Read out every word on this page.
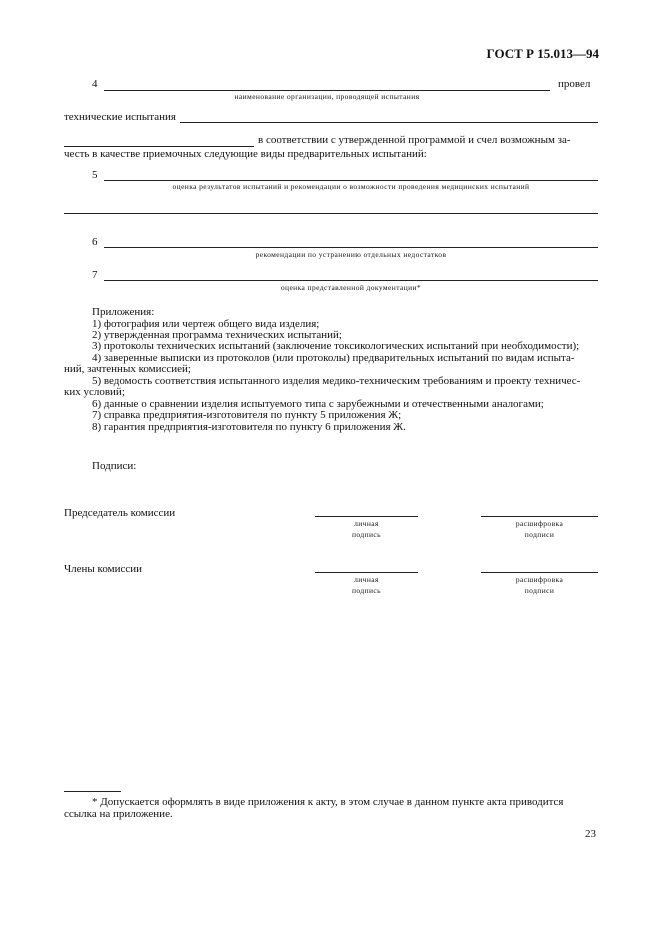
ГОСТ Р 15.013—94
4	провел
наименование организации, проводящей испытания
технические испытания
в соответствии с утвержденной программой и счел возможным за-
честь в качестве приемочных следующие виды предварительных испытаний:
5
оценка результатов испытаний и рекомендации о возможности проведения медицинских испытаний
6
рекомендации по устранению отдельных недостатков
7
оценка представленной документации*
Приложения:
1) фотография или чертеж общего вида изделия;
2) утвержденная программа технических испытаний;
3) протоколы технических испытаний (заключение токсикологических испытаний при необходимости);
4) заверенные выписки из протоколов (или протоколы) предварительных испытаний по видам испыта-
ний, зачтенных комиссией;
5) ведомость соответствия испытанного изделия медико-техническим требованиям и проекту техничес-
ких условий;
6) данные о сравнении изделия испытуемого типа с зарубежными и отечественными аналогами;
7) справка предприятия-изготовителя по пункту 5 приложения Ж;
8) гарантия предприятия-изготовителя по пункту 6 приложения Ж.
Подписи:
Председатель комиссии
личная
подпись
расшифровка
подписи
Члены комиссии
личная
подпись
расшифровка
подписи
* Допускается оформлять в виде приложения к акту, в этом случае в данном пункте акта приводится
ссылка на приложение.
23
